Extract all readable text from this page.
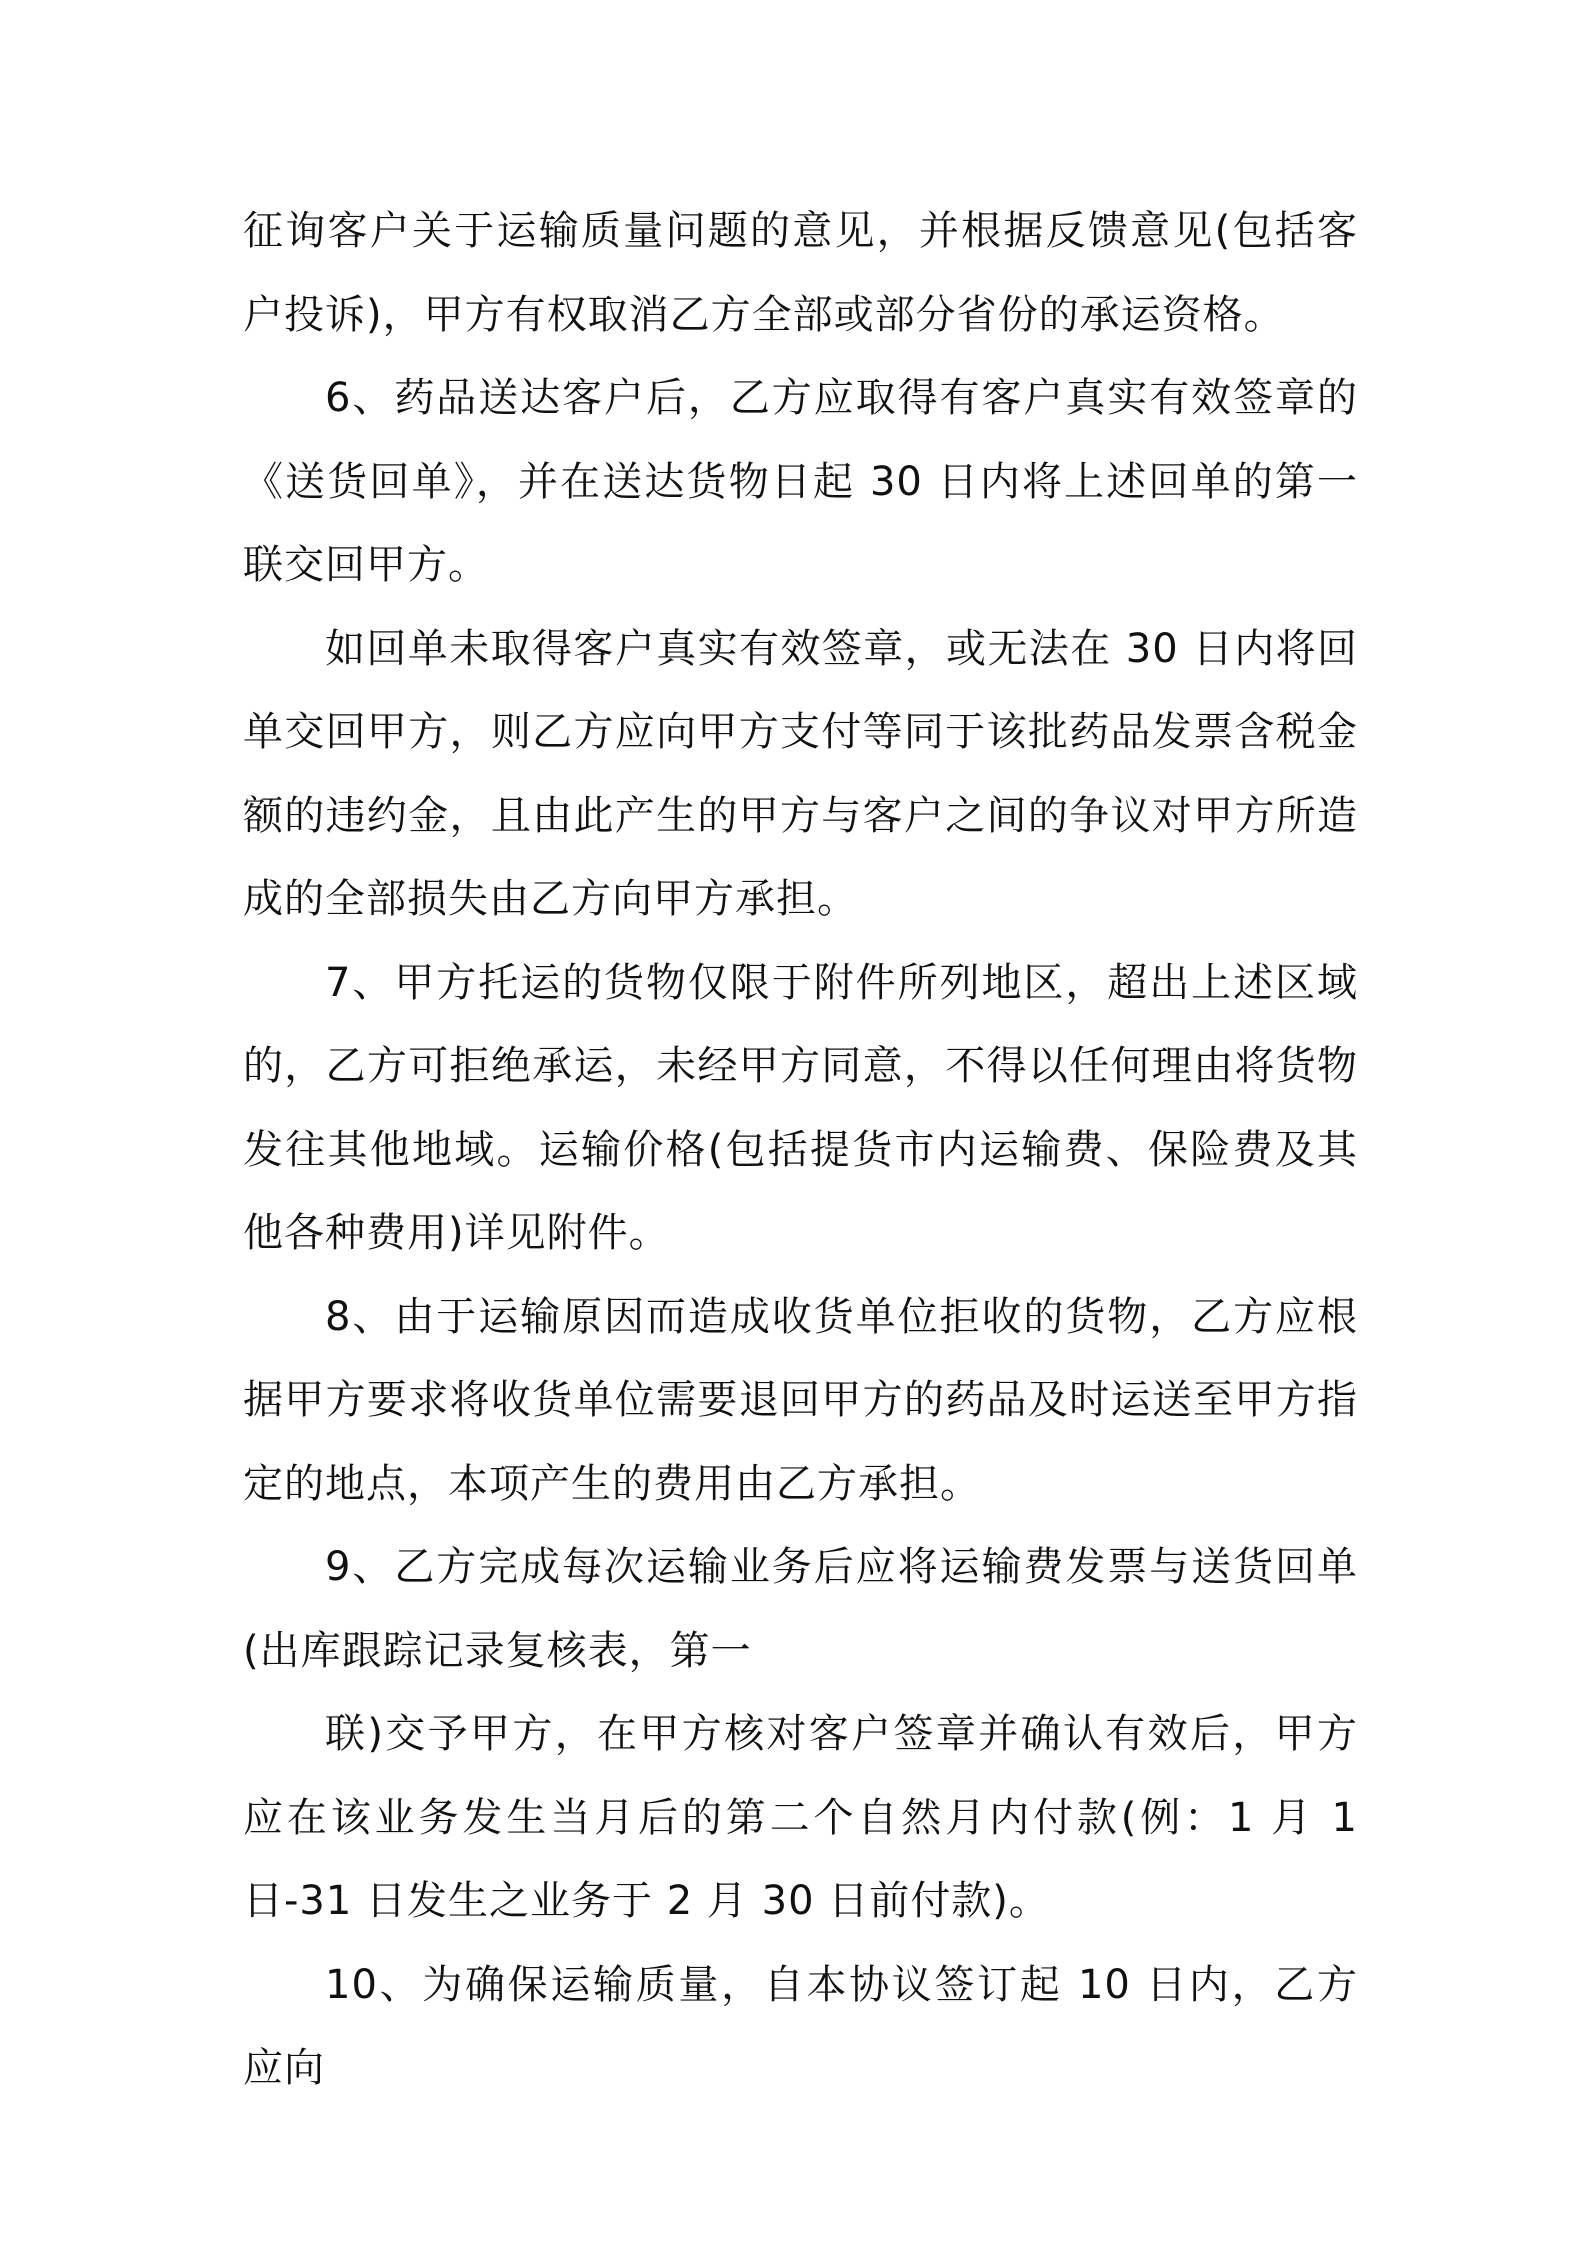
征询客户关于运输质量问题的意见，并根据反馈意见(包括客户投诉)，甲方有权取消乙方全部或部分省份的承运资格。

6、药品送达客户后，乙方应取得有客户真实有效签章的《送货回单》，并在送达货物日起 30 日内将上述回单的第一联交回甲方。

如回单未取得客户真实有效签章，或无法在 30 日内将回单交回甲方，则乙方应向甲方支付等同于该批药品发票含税金额的违约金，且由此产生的甲方与客户之间的争议对甲方所造成的全部损失由乙方向甲方承担。

7、甲方托运的货物仅限于附件所列地区，超出上述区域的，乙方可拒绝承运，未经甲方同意，不得以任何理由将货物发往其他地域。运输价格(包括提货市内运输费、保险费及其他各种费用)详见附件。

8、由于运输原因而造成收货单位拒收的货物，乙方应根据甲方要求将收货单位需要退回甲方的药品及时运送至甲方指定的地点，本项产生的费用由乙方承担。

9、乙方完成每次运输业务后应将运输费发票与送货回单(出库跟踪记录复核表，第一

联)交予甲方，在甲方核对客户签章并确认有效后，甲方应在该业务发生当月后的第二个自然月内付款(例：1 月 1 日-31 日发生之业务于 2 月 30 日前付款)。

10、为确保运输质量，自本协议签订起 10 日内，乙方应向
